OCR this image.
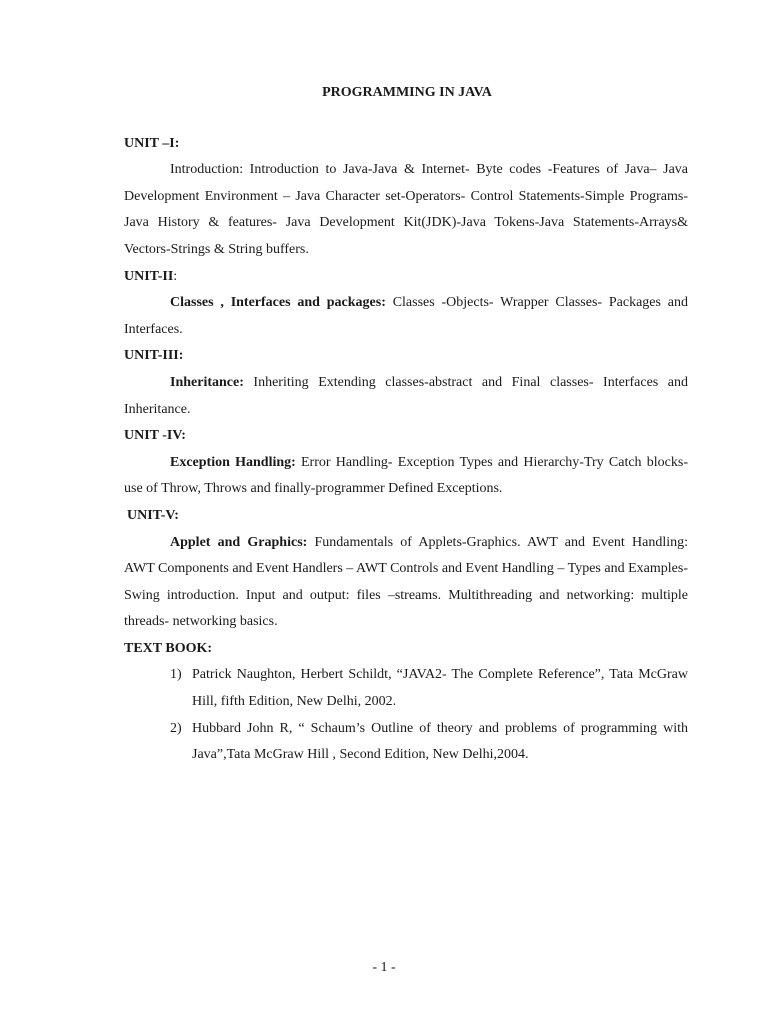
PROGRAMMING IN JAVA

UNIT –I:

Introduction: Introduction to Java-Java & Internet- Byte codes -Features of Java– Java Development Environment – Java Character set-Operators- Control Statements-Simple Programs-Java History & features- Java Development Kit(JDK)-Java Tokens-Java Statements-Arrays& Vectors-Strings & String buffers.

UNIT-II:

Classes , Interfaces and packages: Classes -Objects- Wrapper Classes- Packages and Interfaces.

UNIT-III:

Inheritance: Inheriting Extending classes-abstract and Final classes- Interfaces and Inheritance.

UNIT -IV:

Exception Handling: Error Handling- Exception Types and Hierarchy-Try Catch blocks-use of Throw, Throws and finally-programmer Defined Exceptions.

UNIT-V:

Applet and Graphics: Fundamentals of Applets-Graphics. AWT and Event Handling: AWT Components and Event Handlers – AWT Controls and Event Handling – Types and Examples-Swing introduction. Input and output: files –streams. Multithreading and networking: multiple threads- networking basics.

TEXT BOOK:

1) Patrick Naughton, Herbert Schildt, “JAVA2- The Complete Reference”, Tata McGraw Hill, fifth Edition, New Delhi, 2002.
2) Hubbard John R, “ Schaum’s Outline of theory and problems of programming with Java”,Tata McGraw Hill , Second Edition, New Delhi,2004.
- 1 -
